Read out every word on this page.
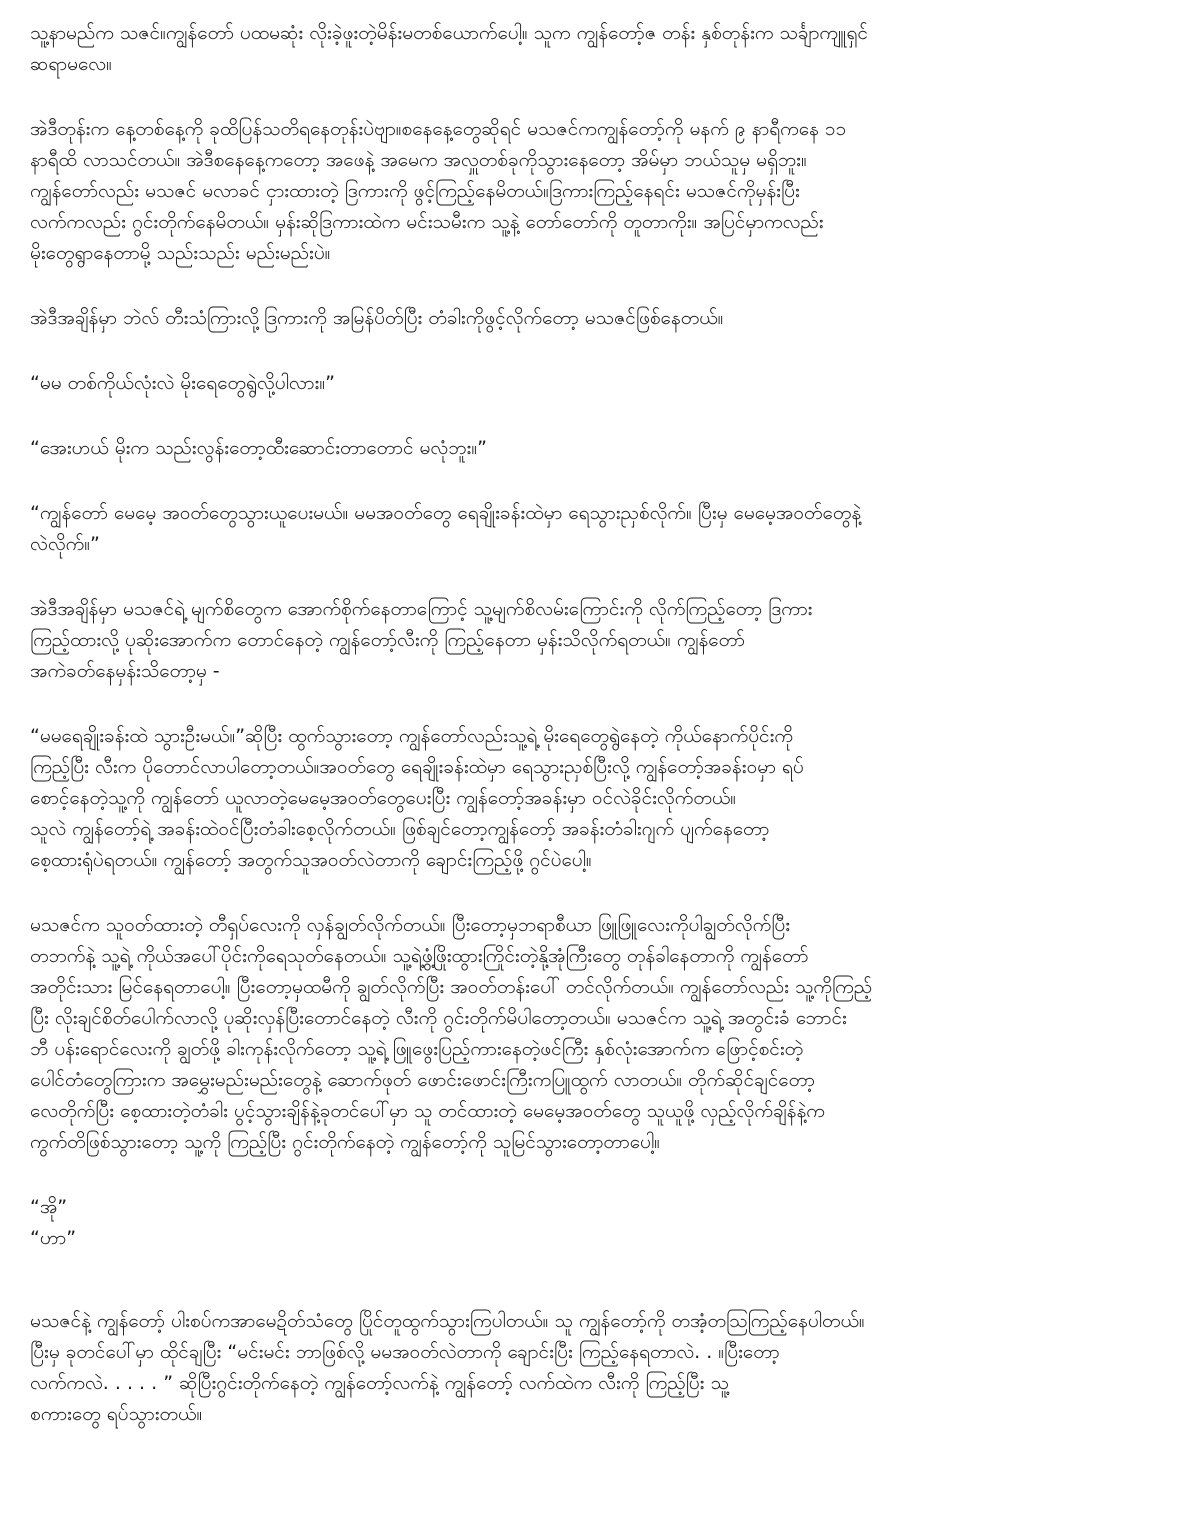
သူ့နာမည်က သဇင်။ကျွန်တော် ပထမဆုံး လိုးခဲ့ဖူးတဲ့မိန်းမတစ်ယောက်ပေါ့။ သူက ကျွန်တော့်ဇ တန်း နှစ်တုန်းက သင်္ချာကျူရှင်
ဆရာမလေ။

အဲဒီတုန်းက နေ့တစ်နေ့ကို ခုထိပြန်သတိရနေတုန်းပဲဗျာ။စနေနေ့တွေဆိုရင် မသဇင်ကကျွန်တော့်ကို မနက် ၉ နာရီကနေ ၁၁
နာရီထိ လာသင်တယ်။ အဲဒီစနေနေ့ကတော့ အဖေနဲ့ အမေက အလှူတစ်ခုကိုသွားနေတော့ အိမ်မှာ ဘယ်သူမှ မရှိဘူး။
ကျွန်တော်လည်း မသဇင် မလာခင် ငှားထားတဲ့ ဒြကားကို ဖွင့်ကြည့်နေမိတယ်။ဒြကားကြည့်နေရင်း မသဇင်ကိုမှန်းပြီး
လက်ကလည်း ဂွင်းတိုက်နေမိတယ်။ မှန်းဆိုဒြကားထဲက မင်းသမီးက သူ့နဲ့ တော်တော်ကို တူတာကိုး။ အပြင်မှာကလည်း
မိုးတွေရွာနေတာမို့ သည်းသည်း မည်းမည်းပဲ။

အဲဒီအချိန်မှာ ဘဲလ် တီးသံကြားလို့ဒြကားကို အမြန်ပိတ်ပြီး တံခါးကိုဖွင့်လိုက်တော့ မသဇင်ဖြစ်နေတယ်။

“မမ တစ်ကိုယ်လုံးလဲ မိုးရေတွေရွဲလို့ပါလား။”

“အေးဟယ် မိုးက သည်းလွန်းတော့ထီးဆောင်းတာတောင် မလုံဘူး။”

“ကျွန်တော် မေမေ့ အဝတ်တွေသွားယူပေးမယ်။ မမအဝတ်တွေ ရေချိုးခန်းထဲမှာ ရေသွားညှစ်လိုက်။ ပြီးမှ မေမေ့အဝတ်တွေနဲ့
လဲလိုက်။”

အဲဒီအချိန်မှာ မသဇင်ရဲ့ မျက်စိတွေက အောက်စိုက်နေတာကြောင့် သူ့မျက်စိလမ်းကြောင်းကို လိုက်ကြည့်တော့ ဒြကား
ကြည့်ထားလို့ ပုဆိုးအောက်က တောင်နေတဲ့ ကျွန်တော့်လီးကို ကြည့်နေတာ မှန်းသိလိုက်ရတယ်။ ကျွန်တော်
အကဲခတ်နေမှန်းသိတော့မှ -

“မမရေချိုးခန်းထဲ သွားဦးမယ်။”ဆိုပြီး ထွက်သွားတော့ ကျွန်တော်လည်းသူ့ရဲ့ မိုးရေတွေရွဲနေတဲ့ ကိုယ်နောက်ပိုင်းကို
ကြည့်ပြီး လီးက ပိုတောင်လာပါတော့တယ်။အဝတ်တွေ ရေချိုးခန်းထဲမှာ ရေသွားညှစ်ပြီးလို့ ကျွန်တော့်အခန်းဝမှာ ရပ်
စောင့်နေတဲ့သူ့ကို ကျွန်တော် ယူလာတဲ့မေမေ့အဝတ်တွေပေးပြီး ကျွန်တော့်အခန်းမှာ ဝင်လဲခိုင်းလိုက်တယ်။
သူလဲ ကျွန်တော့်ရဲ့ အခန်းထဲဝင်ပြီးတံခါးစေ့လိုက်တယ်။ ဖြစ်ချင်တော့ကျွန်တော့် အခန်းတံခါးဂျက် ပျက်နေတော့
စေ့ထားရုံပဲရတယ်။ ကျွန်တော့် အတွက်သူအဝတ်လဲတာကို ချောင်းကြည့်ဖို့ ဂွင်ပဲပေါ့။

မသဇင်က သူဝတ်ထားတဲ့ တီရှပ်လေးကို လှန်ချွတ်လိုက်တယ်။ ပြီးတော့မှဘရာစီယာ ဖြူဖြူလေးကိုပါချွတ်လိုက်ပြီး
တဘက်နဲ့ သူ့ရဲ့ ကိုယ်အပေါ်ပိုင်းကိုရေသုတ်နေတယ်။ သူ့ရဲ့ဖွံ့ဖြိုးထွားကြိုင်းတဲ့နို့အုံကြီးတွေ တုန်ခါနေတာကို ကျွန်တော်
အတိုင်းသား မြင်နေရတာပေါ့။ ပြီးတော့မှထမီကို ချွတ်လိုက်ပြီး အဝတ်တန်းပေါ် တင်လိုက်တယ်။ ကျွန်တော်လည်း သူ့ကိုကြည့်
ပြီး လိုးချင်စိတ်ပေါက်လာလို့ ပုဆိုးလှန်ပြီးတောင်နေတဲ့ လီးကို ဂွင်းတိုက်မိပါတော့တယ်။ မသဇင်က သူ့ရဲ့ အတွင်းခံ ဘောင်း
ဘီ ပန်းရောင်လေးကို ချွတ်ဖို့ ခါးကုန်းလိုက်တော့ သူ့ရဲ့ ဖြူဖွေးပြည့်ကားနေတဲ့ဖင်ကြီး နှစ်လုံးအောက်က ဖြောင့်စင်းတဲ့
ပေါင်တံတွေကြားက အမွှေးမည်းမည်းတွေနဲ့ ဆောက်ဖုတ် ဖောင်းဖောင်းကြီးကပြူထွက် လာတယ်။ တိုက်ဆိုင်ချင်တော့
လေတိုက်ပြီး စေ့ထားတဲ့တံခါး ပွင့်သွားချိန်နဲ့ခုတင်ပေါ်မှာ သူ တင်ထားတဲ့ မေမေ့အဝတ်တွေ သူယူဖို့ လှည့်လိုက်ချိန်နဲ့က
ကွက်တိဖြစ်သွားတော့ သူ့ကို ကြည့်ပြီး ဂွင်းတိုက်နေတဲ့ ကျွန်တော့်ကို သူမြင်သွားတော့တာပေါ့။

“အို”
“ဟာ”

မသဇင်နဲ့ ကျွန်တော့် ပါးစပ်ကအာမေဍိတ်သံတွေ ပြိုင်တူထွက်သွားကြပါတယ်။ သူ ကျွန်တော့်ကို တအံ့တဩကြည့်နေပါတယ်။
ပြီးမှ ခုတင်ပေါ်မှာ ထိုင်ချပြီး “မင်းမင်း ဘာဖြစ်လို့ မမအဝတ်လဲတာကို ချောင်းပြီး ကြည့်နေရတာလဲ. . ။ပြီးတော့
လက်ကလဲ. . . . . ” ဆိုပြီးဂွင်းတိုက်နေတဲ့ ကျွန်တော့်လက်နဲ့ ကျွန်တော့် လက်ထဲက လီးကို ကြည့်ပြီး သူ့
စကားတွေ ရပ်သွားတယ်။
